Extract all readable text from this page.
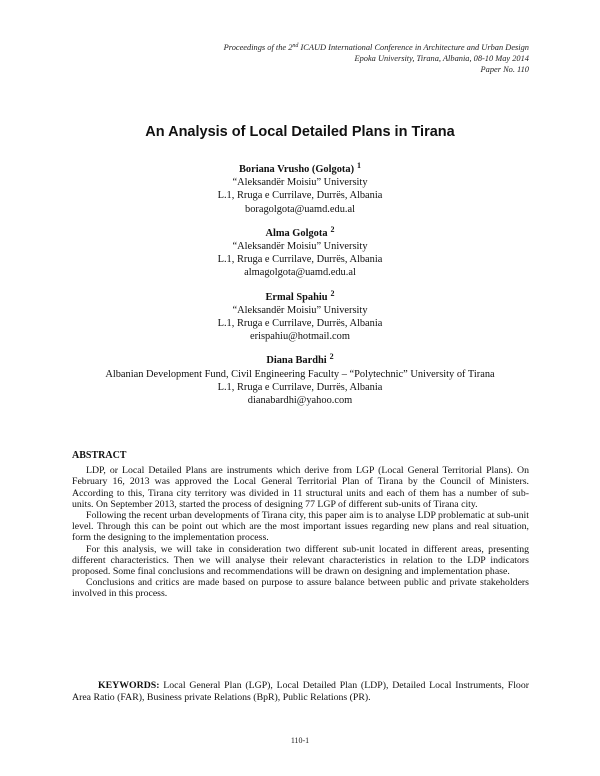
Proceedings of the 2nd ICAUD International Conference in Architecture and Urban Design
Epoka University, Tirana, Albania, 08-10 May 2014
Paper No. 110
An Analysis of Local Detailed Plans in Tirana
Boriana Vrusho (Golgota) $^1$
“Aleksandër Moisiu” University
L.1, Rruga e Currilave, Durrës, Albania
boragolgota@uamd.edu.al
Alma Golgota $^2$
“Aleksandër Moisiu” University
L.1, Rruga e Currilave, Durrës, Albania
almagolgota@uamd.edu.al
Ermal Spahiu $^2$
“Aleksandër Moisiu” University
L.1, Rruga e Currilave, Durrës, Albania
erispahiu@hotmail.com
Diana Bardhi $^2$
Albanian Development Fund, Civil Engineering Faculty – “Polytechnic” University of Tirana
L.1, Rruga e Currilave, Durrës, Albania
dianabardhi@yahoo.com
ABSTRACT

LDP, or Local Detailed Plans are instruments which derive from LGP (Local General Territorial Plans). On February 16, 2013 was approved the Local General Territorial Plan of Tirana by the Council of Ministers. According to this, Tirana city territory was divided in 11 structural units and each of them has a number of sub-units. On September 2013, started the process of designing 77 LGP of different sub-units of Tirana city.

Following the recent urban developments of Tirana city, this paper aim is to analyse LDP problematic at sub-unit level. Through this can be point out which are the most important issues regarding new plans and real situation, form the designing to the implementation process.

For this analysis, we will take in consideration two different sub-unit located in different areas, presenting different characteristics. Then we will analyse their relevant characteristics in relation to the LDP indicators proposed. Some final conclusions and recommendations will be drawn on designing and implementation phase.

Conclusions and critics are made based on purpose to assure balance between public and private stakeholders involved in this process.

KEYWORDS: Local General Plan (LGP), Local Detailed Plan (LDP), Detailed Local Instruments, Floor Area Ratio (FAR), Business private Relations (BpR), Public Relations (PR).
110-1
